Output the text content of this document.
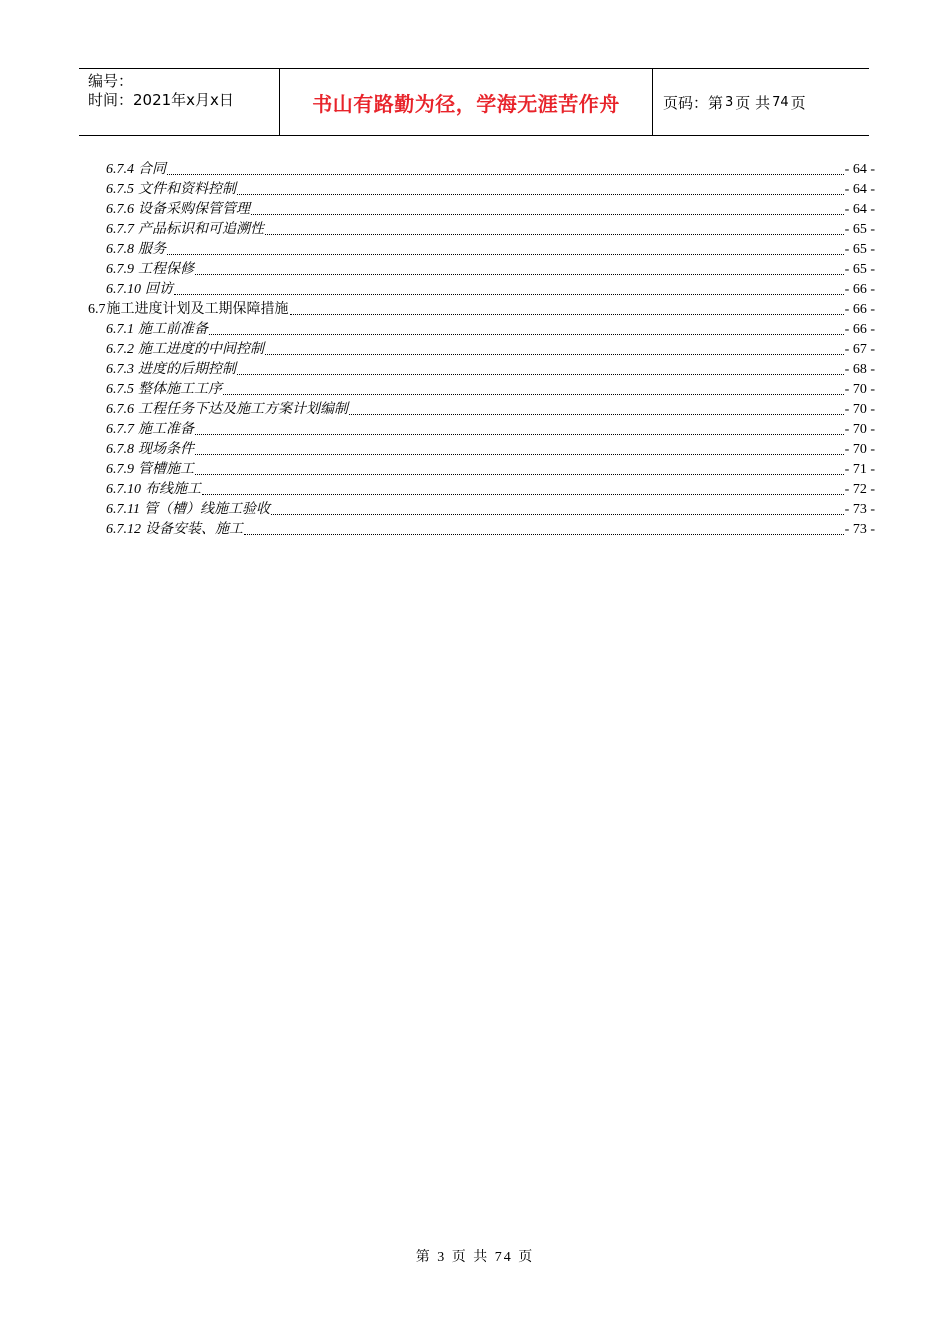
编号：
时间：2021年x月x日	书山有路勤为径，学海无涯苦作舟	页码：第 3 页 共 74 页
6.7.4 合同	- 64 -
6.7.5 文件和资料控制	- 64 -
6.7.6 设备采购保管管理	- 64 -
6.7.7 产品标识和可追溯性	- 65 -
6.7.8 服务	- 65 -
6.7.9 工程保修	- 65 -
6.7.10 回访	- 66 -
6.7 施工进度计划及工期保障措施	- 66 -
6.7.1 施工前准备	- 66 -
6.7.2 施工进度的中间控制	- 67 -
6.7.3 进度的后期控制	- 68 -
6.7.5 整体施工工序	- 70 -
6.7.6 工程任务下达及施工方案计划编制	- 70 -
6.7.7 施工准备	- 70 -
6.7.8 现场条件	- 70 -
6.7.9 管槽施工	- 71 -
6.7.10 布线施工	- 72 -
6.7.11 管（槽）线施工验收	- 73 -
6.7.12 设备安装、施工	- 73 -
第 3 页 共 74 页
